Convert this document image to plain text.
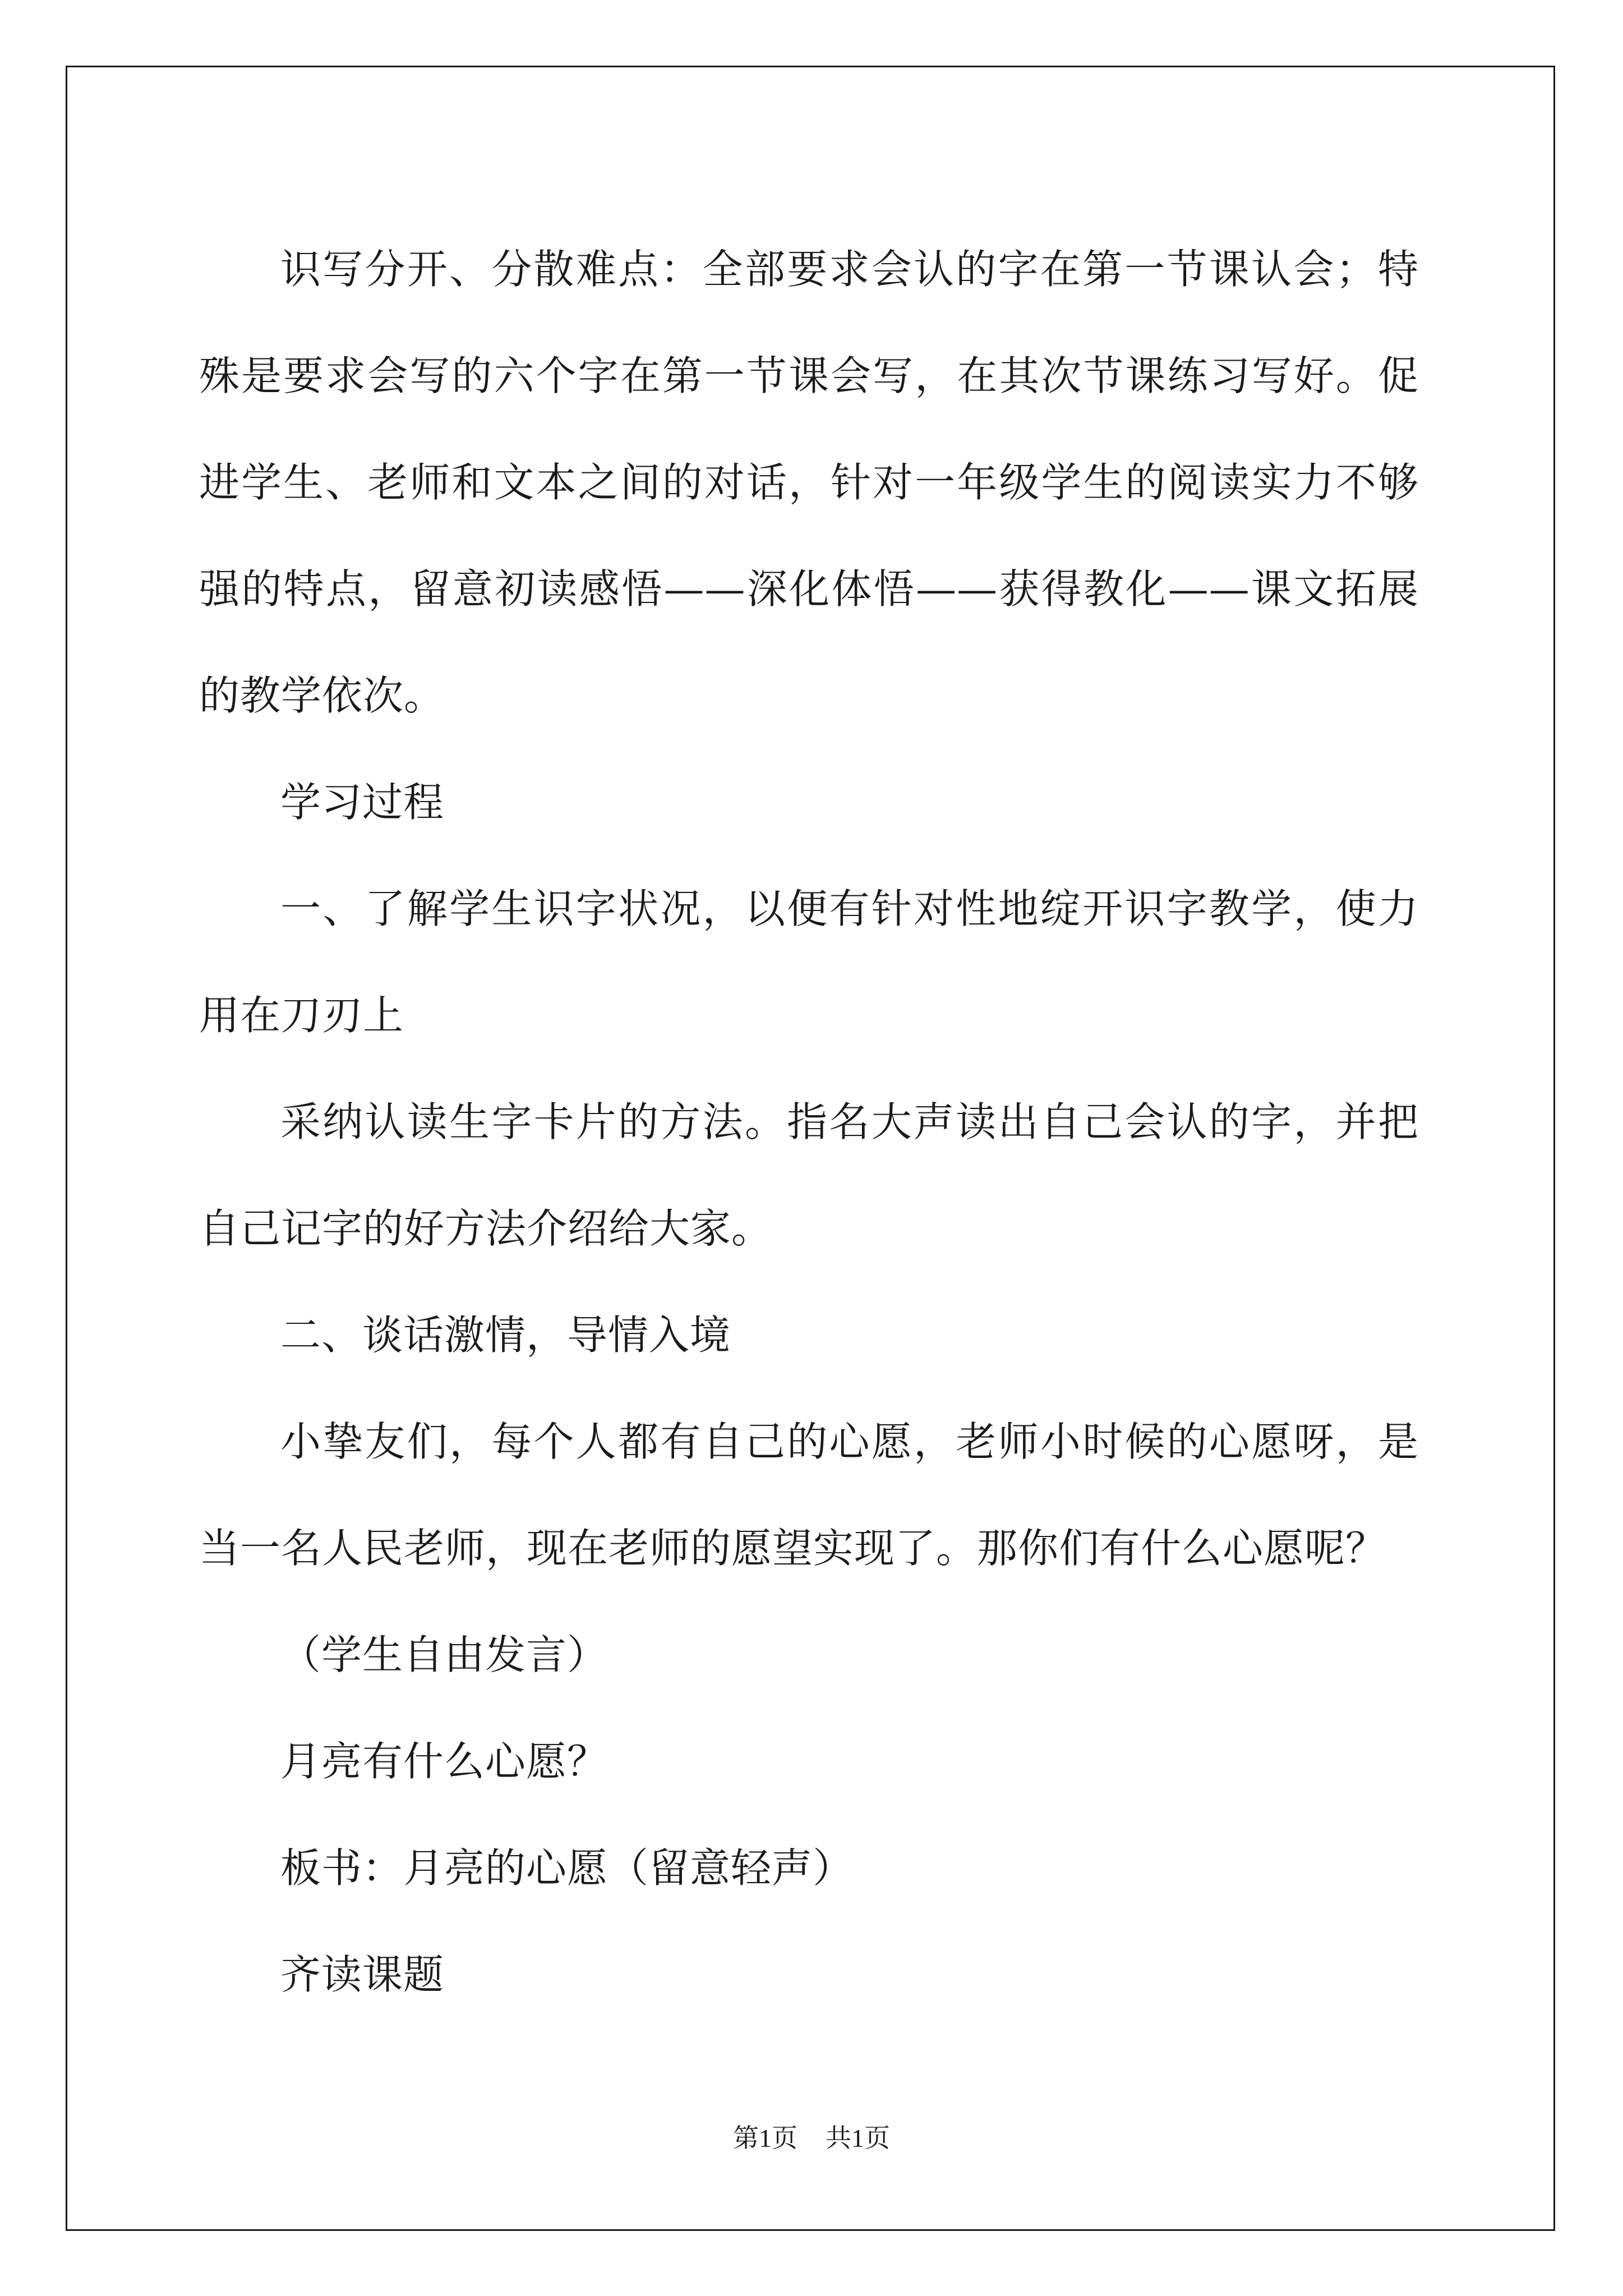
识写分开、分散难点：全部要求会认的字在第一节课认会；特殊是要求会写的六个字在第一节课会写，在其次节课练习写好。促进学生、老师和文本之间的对话，针对一年级学生的阅读实力不够强的特点，留意初读感悟——深化体悟——获得教化——课文拓展的教学依次。

学习过程

一、了解学生识字状况，以便有针对性地绽开识字教学，使力用在刀刃上

采纳认读生字卡片的方法。指名大声读出自己会认的字，并把自己记字的好方法介绍给大家。

二、谈话激情，导情入境

小挚友们，每个人都有自己的心愿，老师小时候的心愿呀，是当一名人民老师，现在老师的愿望实现了。那你们有什么心愿呢？

（学生自由发言）

月亮有什么心愿？

板书：月亮的心愿（留意轻声）

齐读课题

第1页 共1页
